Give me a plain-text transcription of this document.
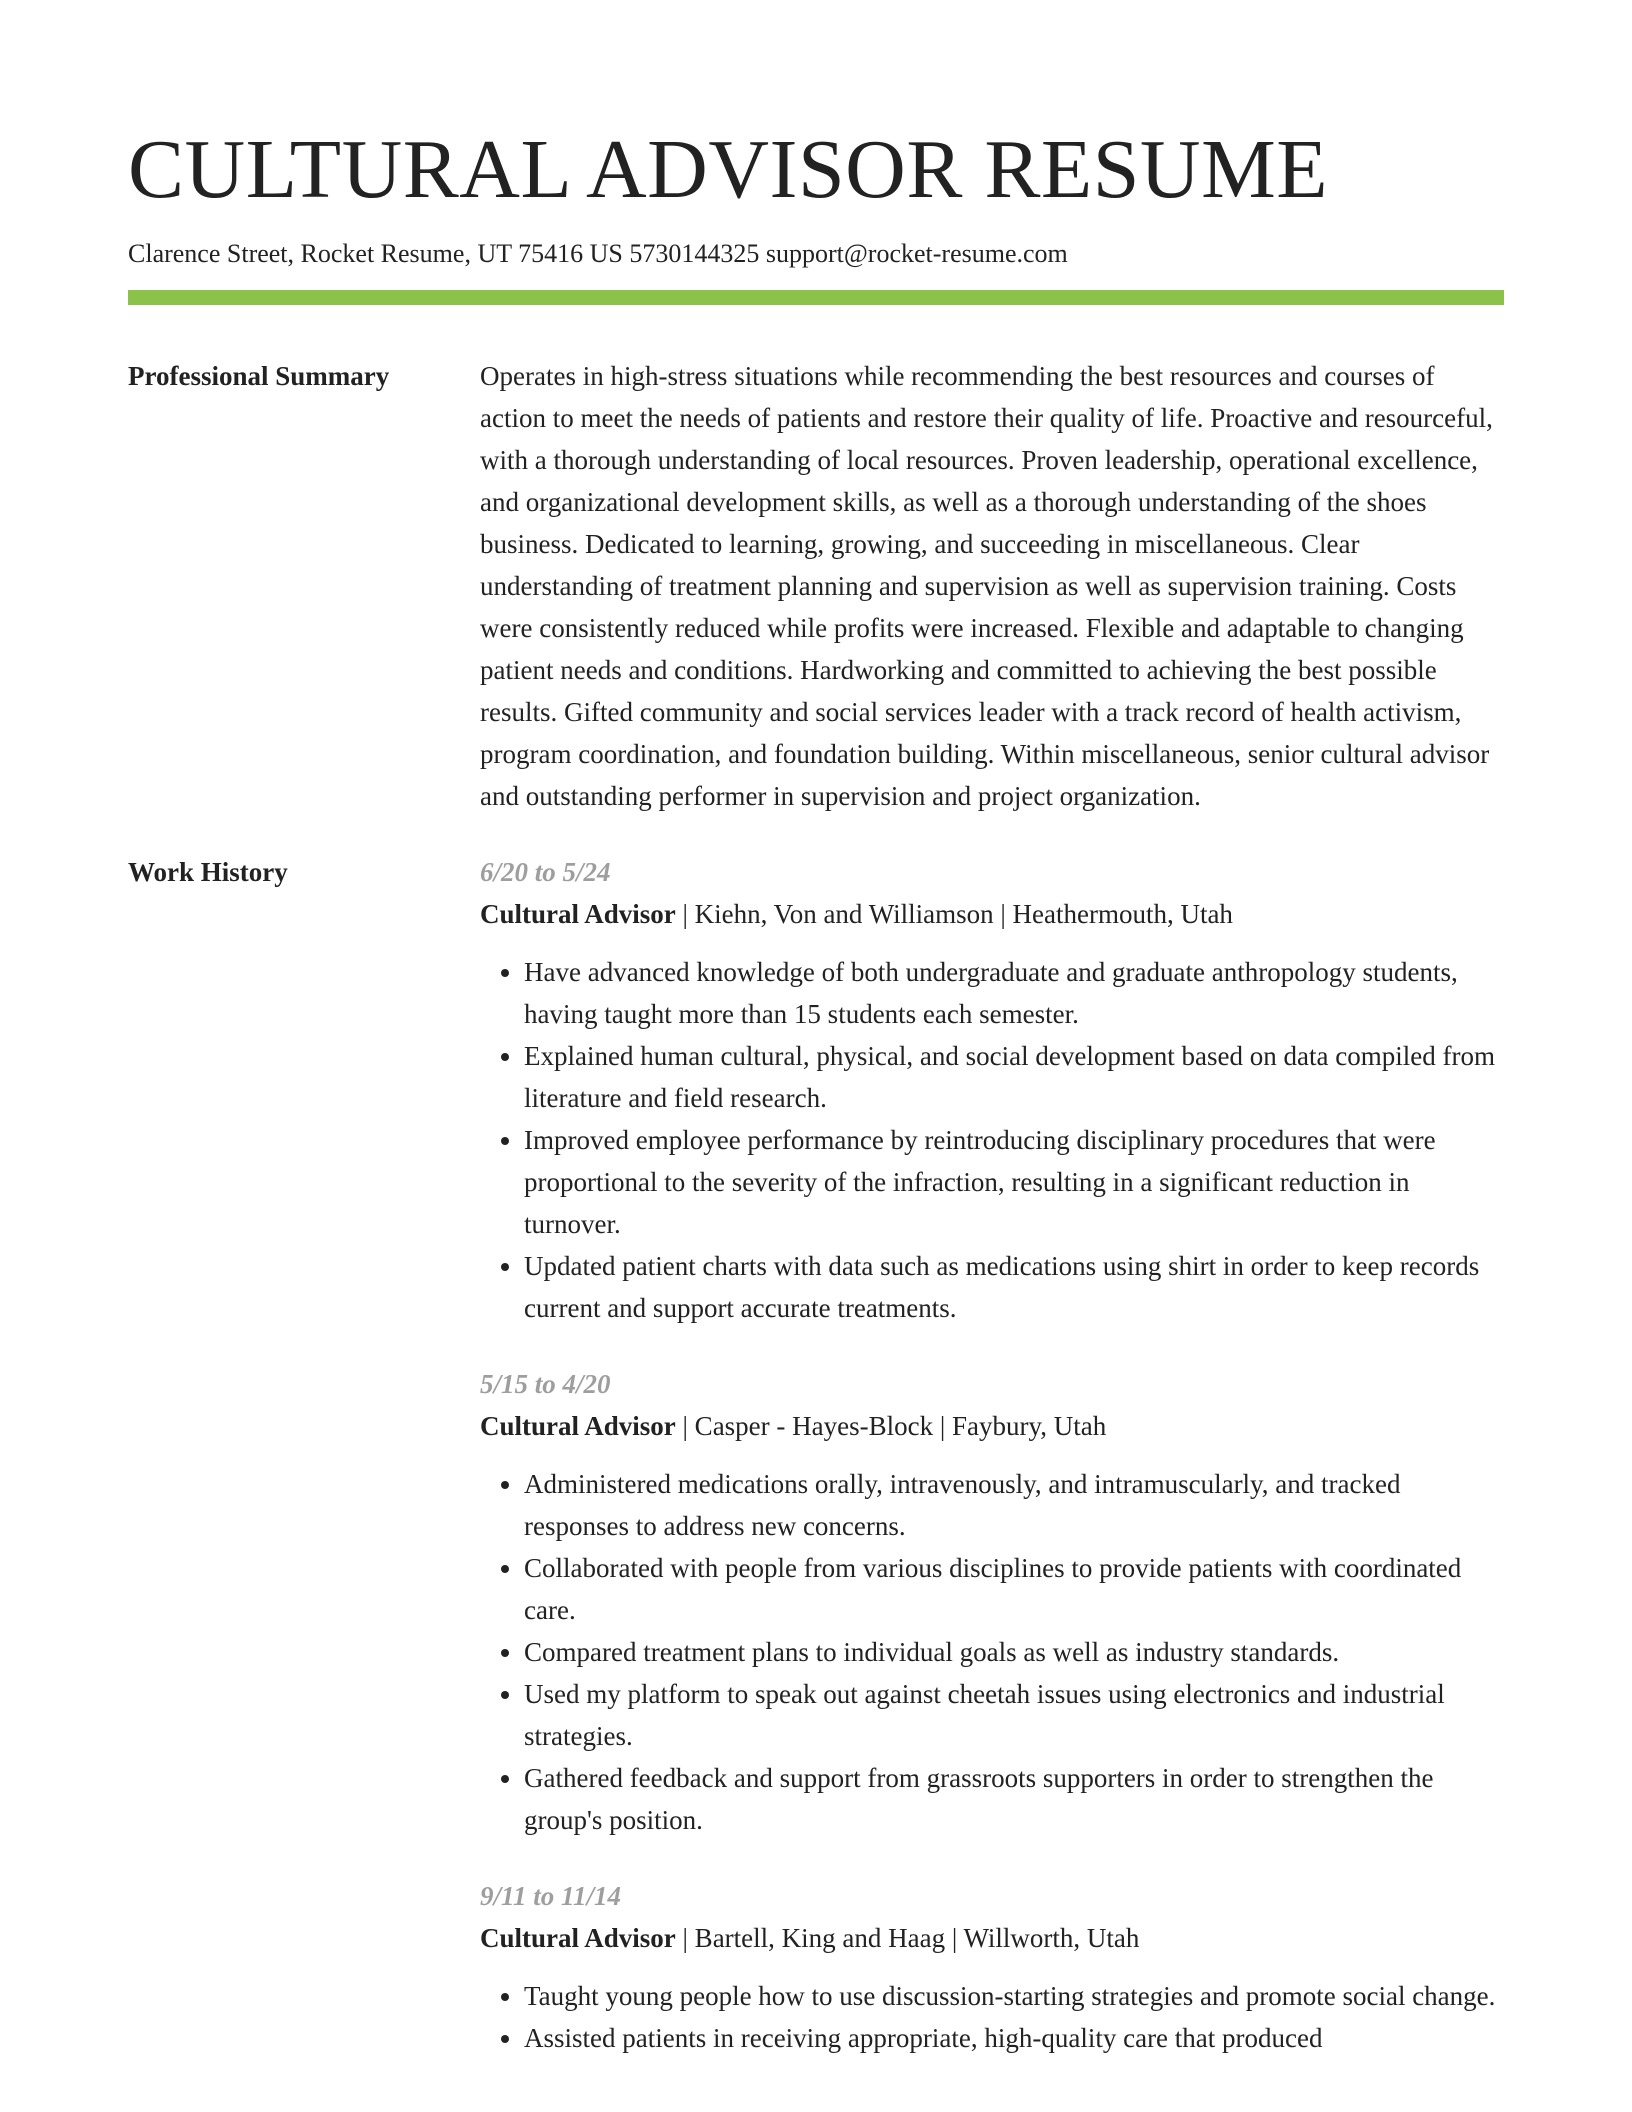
CULTURAL ADVISOR RESUME
Clarence Street, Rocket Resume, UT 75416 US 5730144325 support@rocket-resume.com
Professional Summary	Operates in high-stress situations while recommending the best resources and courses of action to meet the needs of patients and restore their quality of life. Proactive and resourceful, with a thorough understanding of local resources. Proven leadership, operational excellence, and organizational development skills, as well as a thorough understanding of the shoes business. Dedicated to learning, growing, and succeeding in miscellaneous. Clear understanding of treatment planning and supervision as well as supervision training. Costs were consistently reduced while profits were increased. Flexible and adaptable to changing patient needs and conditions. Hardworking and committed to achieving the best possible results. Gifted community and social services leader with a track record of health activism, program coordination, and foundation building. Within miscellaneous, senior cultural advisor and outstanding performer in supervision and project organization.
Work History	6/20 to 5/24
Cultural Advisor | Kiehn, Von and Williamson | Heathermouth, Utah
• Have advanced knowledge of both undergraduate and graduate anthropology students, having taught more than 15 students each semester.
• Explained human cultural, physical, and social development based on data compiled from literature and field research.
• Improved employee performance by reintroducing disciplinary procedures that were proportional to the severity of the infraction, resulting in a significant reduction in turnover.
• Updated patient charts with data such as medications using shirt in order to keep records current and support accurate treatments.
5/15 to 4/20
Cultural Advisor | Casper - Hayes-Block | Faybury, Utah
• Administered medications orally, intravenously, and intramuscularly, and tracked responses to address new concerns.
• Collaborated with people from various disciplines to provide patients with coordinated care.
• Compared treatment plans to individual goals as well as industry standards.
• Used my platform to speak out against cheetah issues using electronics and industrial strategies.
• Gathered feedback and support from grassroots supporters in order to strengthen the group's position.
9/11 to 11/14
Cultural Advisor | Bartell, King and Haag | Willworth, Utah
• Taught young people how to use discussion-starting strategies and promote social change.
• Assisted patients in receiving appropriate, high-quality care that produced
